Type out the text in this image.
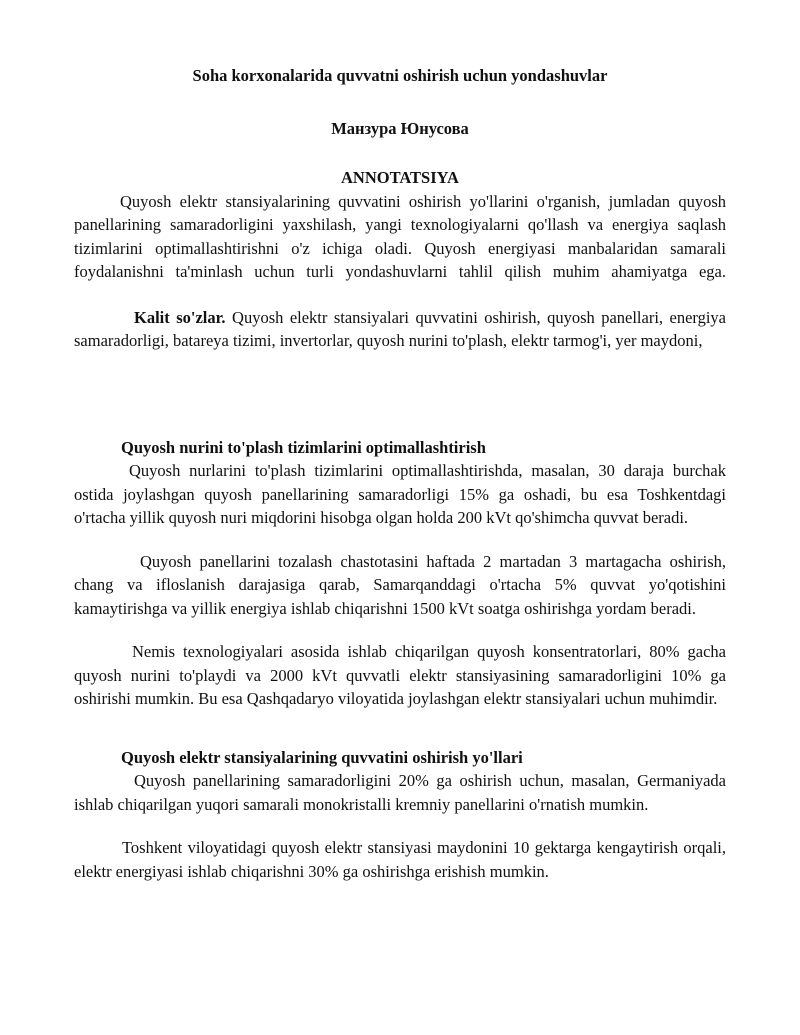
Soha korxonalarida quvvatni oshirish uchun yondashuvlar
Манзура Юнусова
ANNOTATSIYA

Quyosh elektr stansiyalarining quvvatini oshirish yo'llarini o'rganish, jumladan quyosh panellarining samaradorligini yaxshilash, yangi texnologiyalarni qo'llash va energiya saqlash tizimlarini optimallashtirishni o'z ichiga oladi. Quyosh energiyasi manbalaridan samarali foydalanishni ta'minlash uchun turli yondashuvlarni tahlil qilish muhim ahamiyatga ega.

Kalit so'zlar. Quyosh elektr stansiyalari quvvatini oshirish, quyosh panellari, energiya samaradorligi, batareya tizimi, invertorlar, quyosh nurini to'plash, elektr tarmog'i, yer maydoni,

Quyosh nurini to'plash tizimlarini optimallashtirish

Quyosh nurlarini to'plash tizimlarini optimallashtirishda, masalan, 30 daraja burchak ostida joylashgan quyosh panellarining samaradorligi 15% ga oshadi, bu esa Toshkentdagi o'rtacha yillik quyosh nuri miqdorini hisobga olgan holda 200 kVt qo'shimcha quvvat beradi.

Quyosh panellarini tozalash chastotasini haftada 2 martadan 3 martagacha oshirish, chang va ifloslanish darajasiga qarab, Samarqanddagi o'rtacha 5% quvvat yo'qotishini kamaytirishga va yillik energiya ishlab chiqarishni 1500 kVt soatga oshirishga yordam beradi.

Nemis texnologiyalari asosida ishlab chiqarilgan quyosh konsentratorlari, 80% gacha quyosh nurini to'playdi va 2000 kVt quvvatli elektr stansiyasining samaradorligini 10% ga oshirishi mumkin. Bu esa Qashqadaryo viloyatida joylashgan elektr stansiyalari uchun muhimdir.

Quyosh elektr stansiyalarining quvvatini oshirish yo'llari

Quyosh panellarining samaradorligini 20% ga oshirish uchun, masalan, Germaniyada ishlab chiqarilgan yuqori samarali monokristalli kremniy panellarini o'rnatish mumkin.

Toshkent viloyatidagi quyosh elektr stansiyasi maydonini 10 gektarga kengaytirish orqali, elektr energiyasi ishlab chiqarishni 30% ga oshirishga erishish mumkin.
